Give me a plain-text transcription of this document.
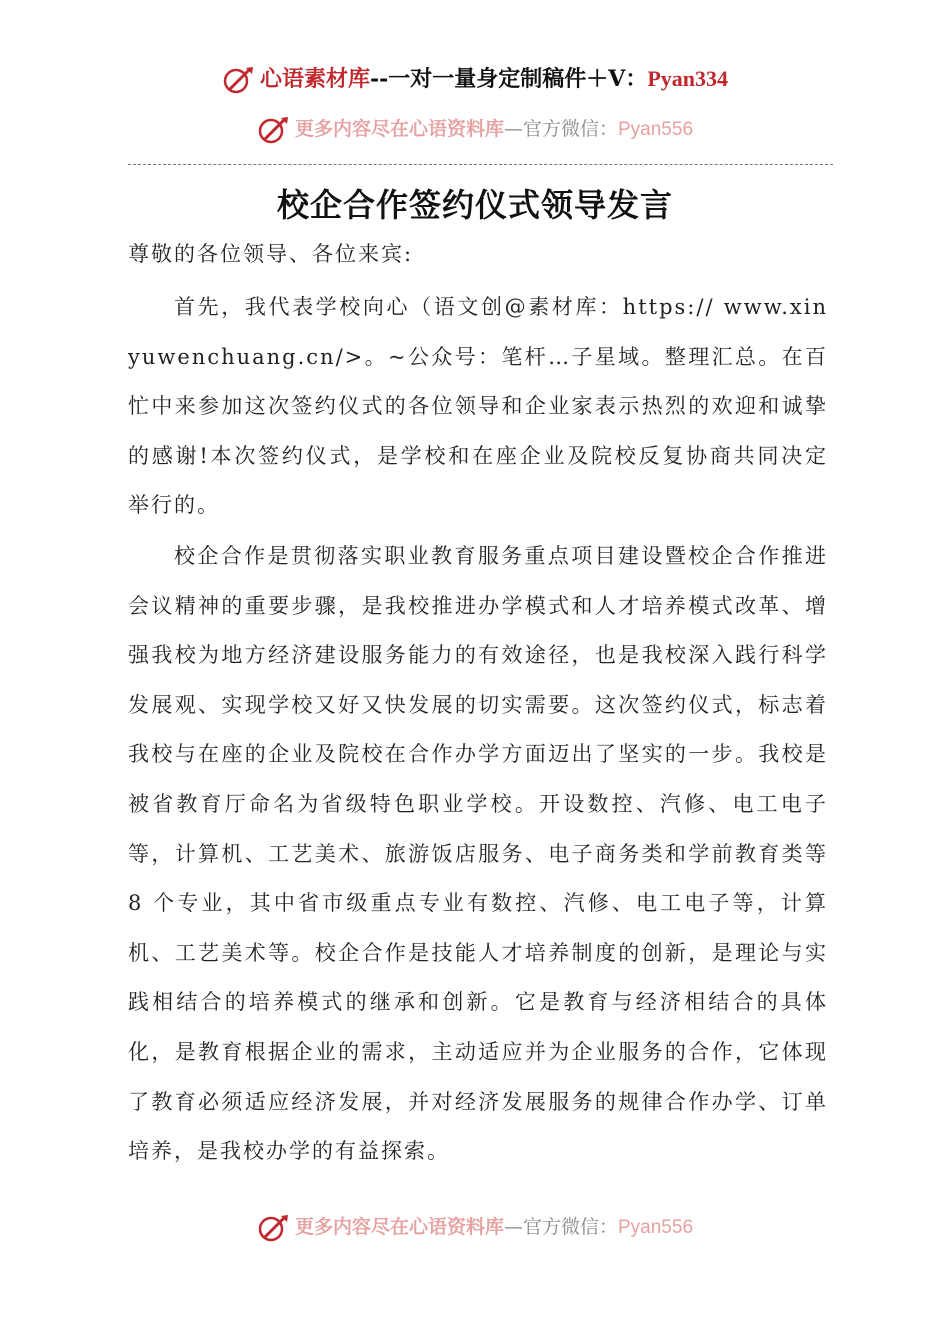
心语素材库--一对一量身定制稿件＋V：Pyan334
更多内容尽在心语资料库—官方微信：Pyan556
校企合作签约仪式领导发言

尊敬的各位领导、各位来宾:

首先，我代表学校向心（语文创@素材库：https:// www.xinyuwenchuang.cn/>。~公众号：笔杆…子星域。整理汇总。在百忙中来参加这次签约仪式的各位领导和企业家表示热烈的欢迎和诚挚的感谢!本次签约仪式，是学校和在座企业及院校反复协商共同决定举行的。

校企合作是贯彻落实职业教育服务重点项目建设暨校企合作推进会议精神的重要步骤，是我校推进办学模式和人才培养模式改革、增强我校为地方经济建设服务能力的有效途径，也是我校深入践行科学发展观、实现学校又好又快发展的切实需要。这次签约仪式，标志着我校与在座的企业及院校在合作办学方面迈出了坚实的一步。我校是被省教育厅命名为省级特色职业学校。开设数控、汽修、电工电子等，计算机、工艺美术、旅游饭店服务、电子商务类和学前教育类等 8 个专业，其中省市级重点专业有数控、汽修、电工电子等，计算机、工艺美术等。校企合作是技能人才培养制度的创新，是理论与实践相结合的培养模式的继承和创新。它是教育与经济相结合的具体化，是教育根据企业的需求，主动适应并为企业服务的合作，它体现了教育必须适应经济发展，并对经济发展服务的规律合作办学、订单培养，是我校办学的有益探索。

更多内容尽在心语资料库—官方微信：Pyan556
